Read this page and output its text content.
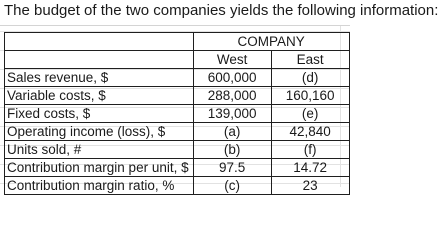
The budget of the two companies yields the following information:
	COMPANY	
	West	East
Sales revenue, $	600,000	(d)
Variable costs, $	288,000	160,160
Fixed costs, $	139,000	(e)
Operating income (loss), $	(a)	42,840
Units sold, #	(b)	(f)
Contribution margin per unit, $	97.5	14.72
Contribution margin ratio, %	(c)	23
